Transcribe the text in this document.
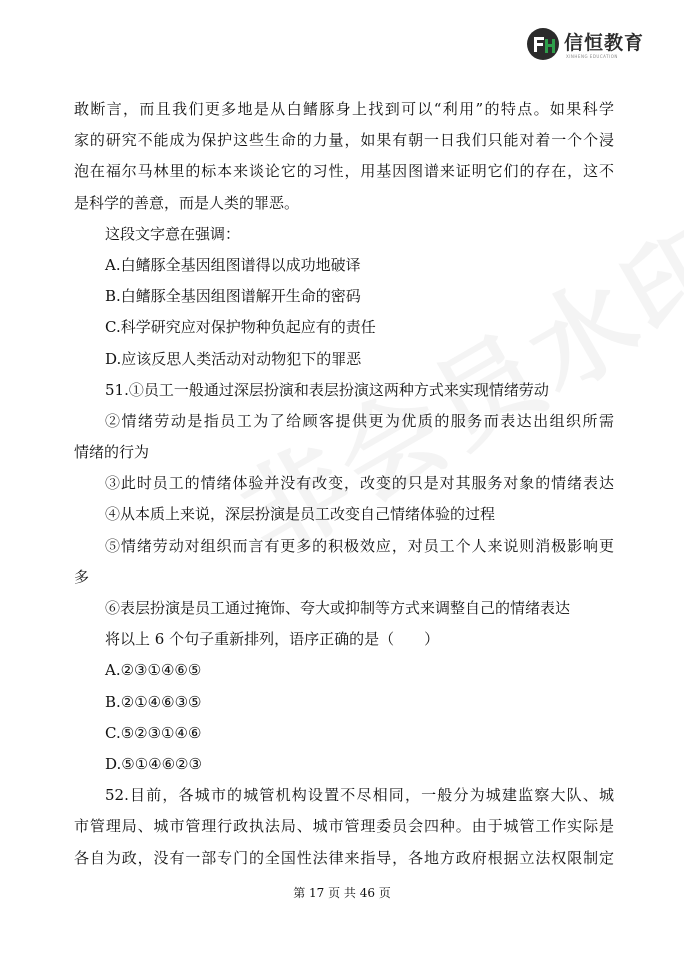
信恒教育
XINHENG EDUCATION
敢断言，而且我们更多地是从白鳍豚身上找到可以“利用”的特点。如果科学
家的研究不能成为保护这些生命的力量，如果有朝一日我们只能对着一个个浸
泡在福尔马林里的标本来谈论它的习性，用基因图谱来证明它们的存在，这不
是科学的善意，而是人类的罪恶。
这段文字意在强调：
A.白鳍豚全基因组图谱得以成功地破译
B.白鳍豚全基因组图谱解开生命的密码
C.科学研究应对保护物种负起应有的责任
D.应该反思人类活动对动物犯下的罪恶
51.①员工一般通过深层扮演和表层扮演这两种方式来实现情绪劳动
②情绪劳动是指员工为了给顾客提供更为优质的服务而表达出组织所需
情绪的行为
③此时员工的情绪体验并没有改变，改变的只是对其服务对象的情绪表达
④从本质上来说，深层扮演是员工改变自己情绪体验的过程
⑤情绪劳动对组织而言有更多的积极效应，对员工个人来说则消极影响更
多
⑥表层扮演是员工通过掩饰、夸大或抑制等方式来调整自己的情绪表达
将以上 6 个句子重新排列，语序正确的是（　　）
A.②③①④⑥⑤
B.②①④⑥③⑤
C.⑤②③①④⑥
D.⑤①④⑥②③
52.目前，各城市的城管机构设置不尽相同，一般分为城建监察大队、城
市管理局、城市管理行政执法局、城市管理委员会四种。由于城管工作实际是
各自为政，没有一部专门的全国性法律来指导，各地方政府根据立法权限制定
第 17 页 共 46 页
